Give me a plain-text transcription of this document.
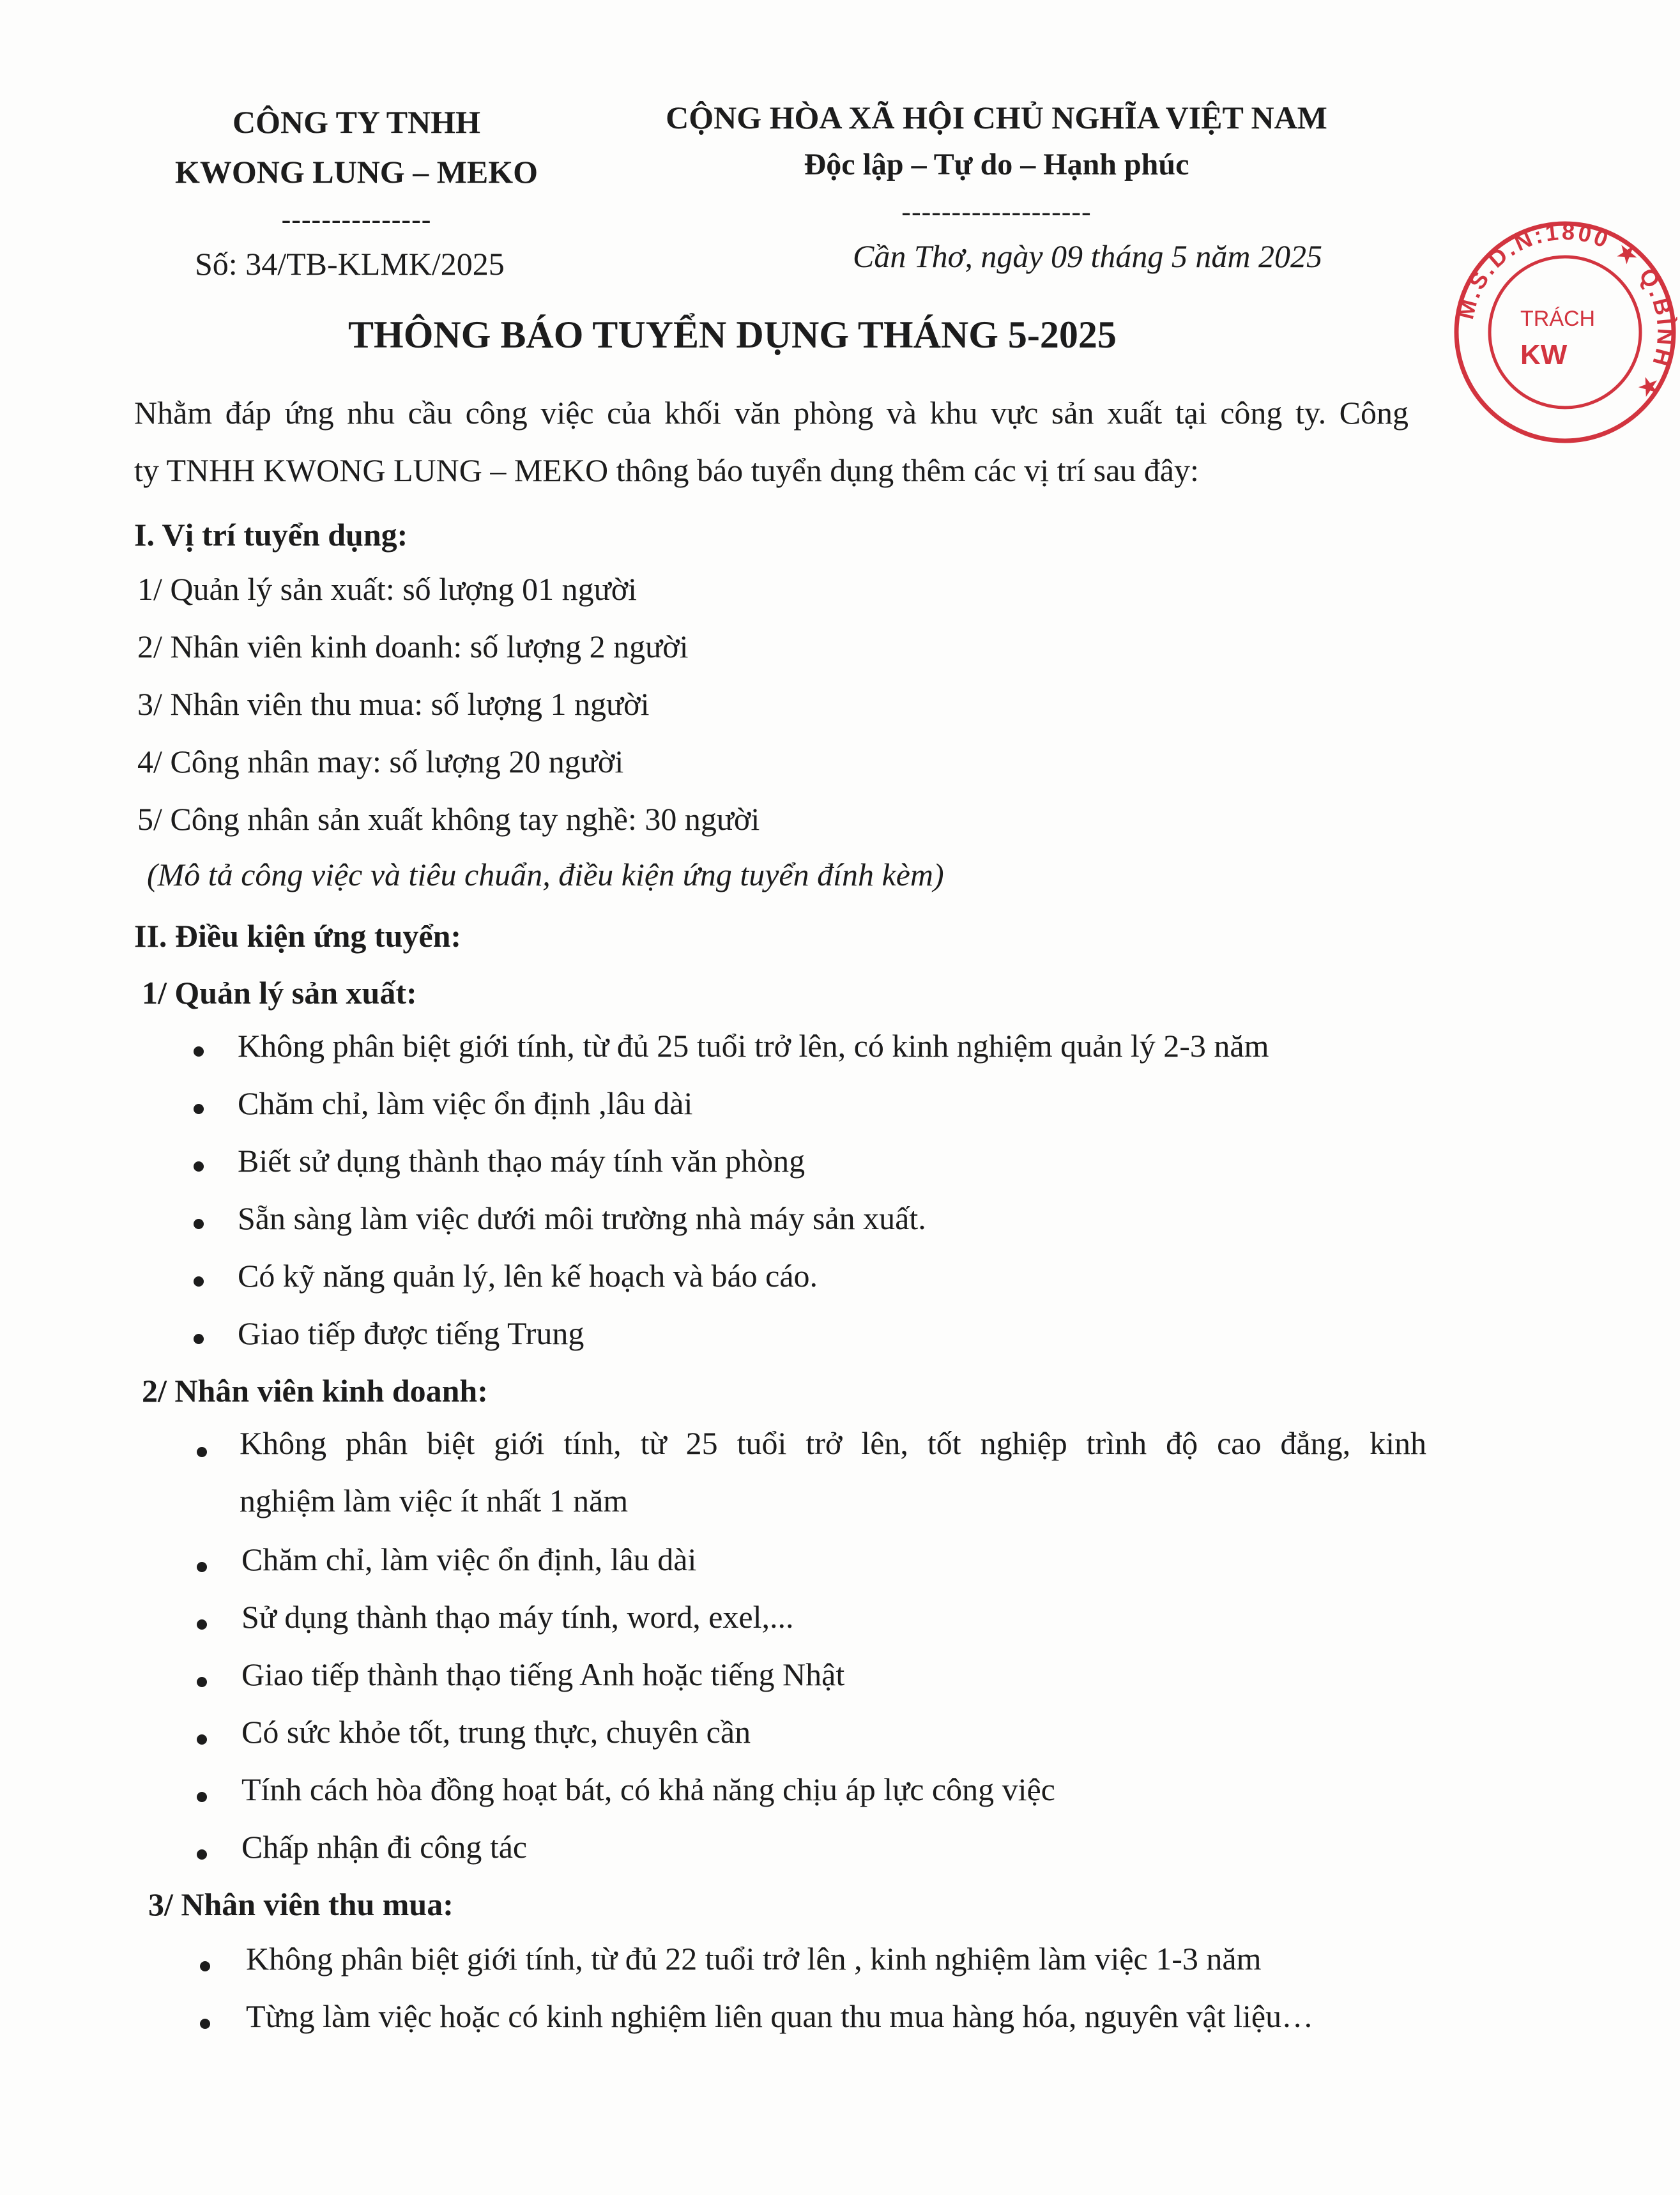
CÔNG TY TNHH
KWONG LUNG – MEKO
---------------
Số: 34/TB-KLMK/2025
CỘNG HÒA XÃ HỘI CHỦ NGHĨA VIỆT NAM
Độc lập – Tự do – Hạnh phúc
-------------------
Cần Thơ, ngày 09 tháng 5 năm 2025
M.S.D.N:1800 ★ Q.BÌNH ★
TRÁCH
KW
THÔNG BÁO TUYỂN DỤNG THÁNG 5-2025
Nhằm đáp ứng nhu cầu công việc của khối văn phòng và khu vực sản xuất tại công ty. Công
ty TNHH KWONG LUNG – MEKO thông báo tuyển dụng thêm các vị trí sau đây:
I. Vị trí tuyển dụng:
1/ Quản lý sản xuất: số lượng 01 người
2/ Nhân viên kinh doanh: số lượng 2 người
3/ Nhân viên thu mua: số lượng 1 người
4/ Công nhân may: số lượng 20 người
5/ Công nhân sản xuất không tay nghề: 30 người
(Mô tả công việc và tiêu chuẩn, điều kiện ứng tuyển đính kèm)
II. Điều kiện ứng tuyển:
1/ Quản lý sản xuất:
Không phân biệt giới tính, từ đủ 25 tuổi trở lên, có kinh nghiệm quản lý 2-3 năm
Chăm chỉ, làm việc ổn định ,lâu dài
Biết sử dụng thành thạo máy tính văn phòng
Sẵn sàng làm việc dưới môi trường nhà máy sản xuất.
Có kỹ năng quản lý, lên kế hoạch và báo cáo.
Giao tiếp được tiếng Trung
2/ Nhân viên kinh doanh:
Không phân biệt giới tính, từ 25 tuổi trở lên, tốt nghiệp trình độ cao đẳng, kinh
nghiệm làm việc ít nhất 1 năm
Chăm chỉ, làm việc ổn định, lâu dài
Sử dụng thành thạo máy tính, word, exel,...
Giao tiếp thành thạo tiếng Anh hoặc tiếng Nhật
Có sức khỏe tốt, trung thực, chuyên cần
Tính cách hòa đồng hoạt bát, có khả năng chịu áp lực công việc
Chấp nhận đi công tác
3/ Nhân viên thu mua:
Không phân biệt giới tính, từ đủ 22 tuổi trở lên , kinh nghiệm làm việc 1-3 năm
Từng làm việc hoặc có kinh nghiệm liên quan thu mua hàng hóa, nguyên vật liệu…
